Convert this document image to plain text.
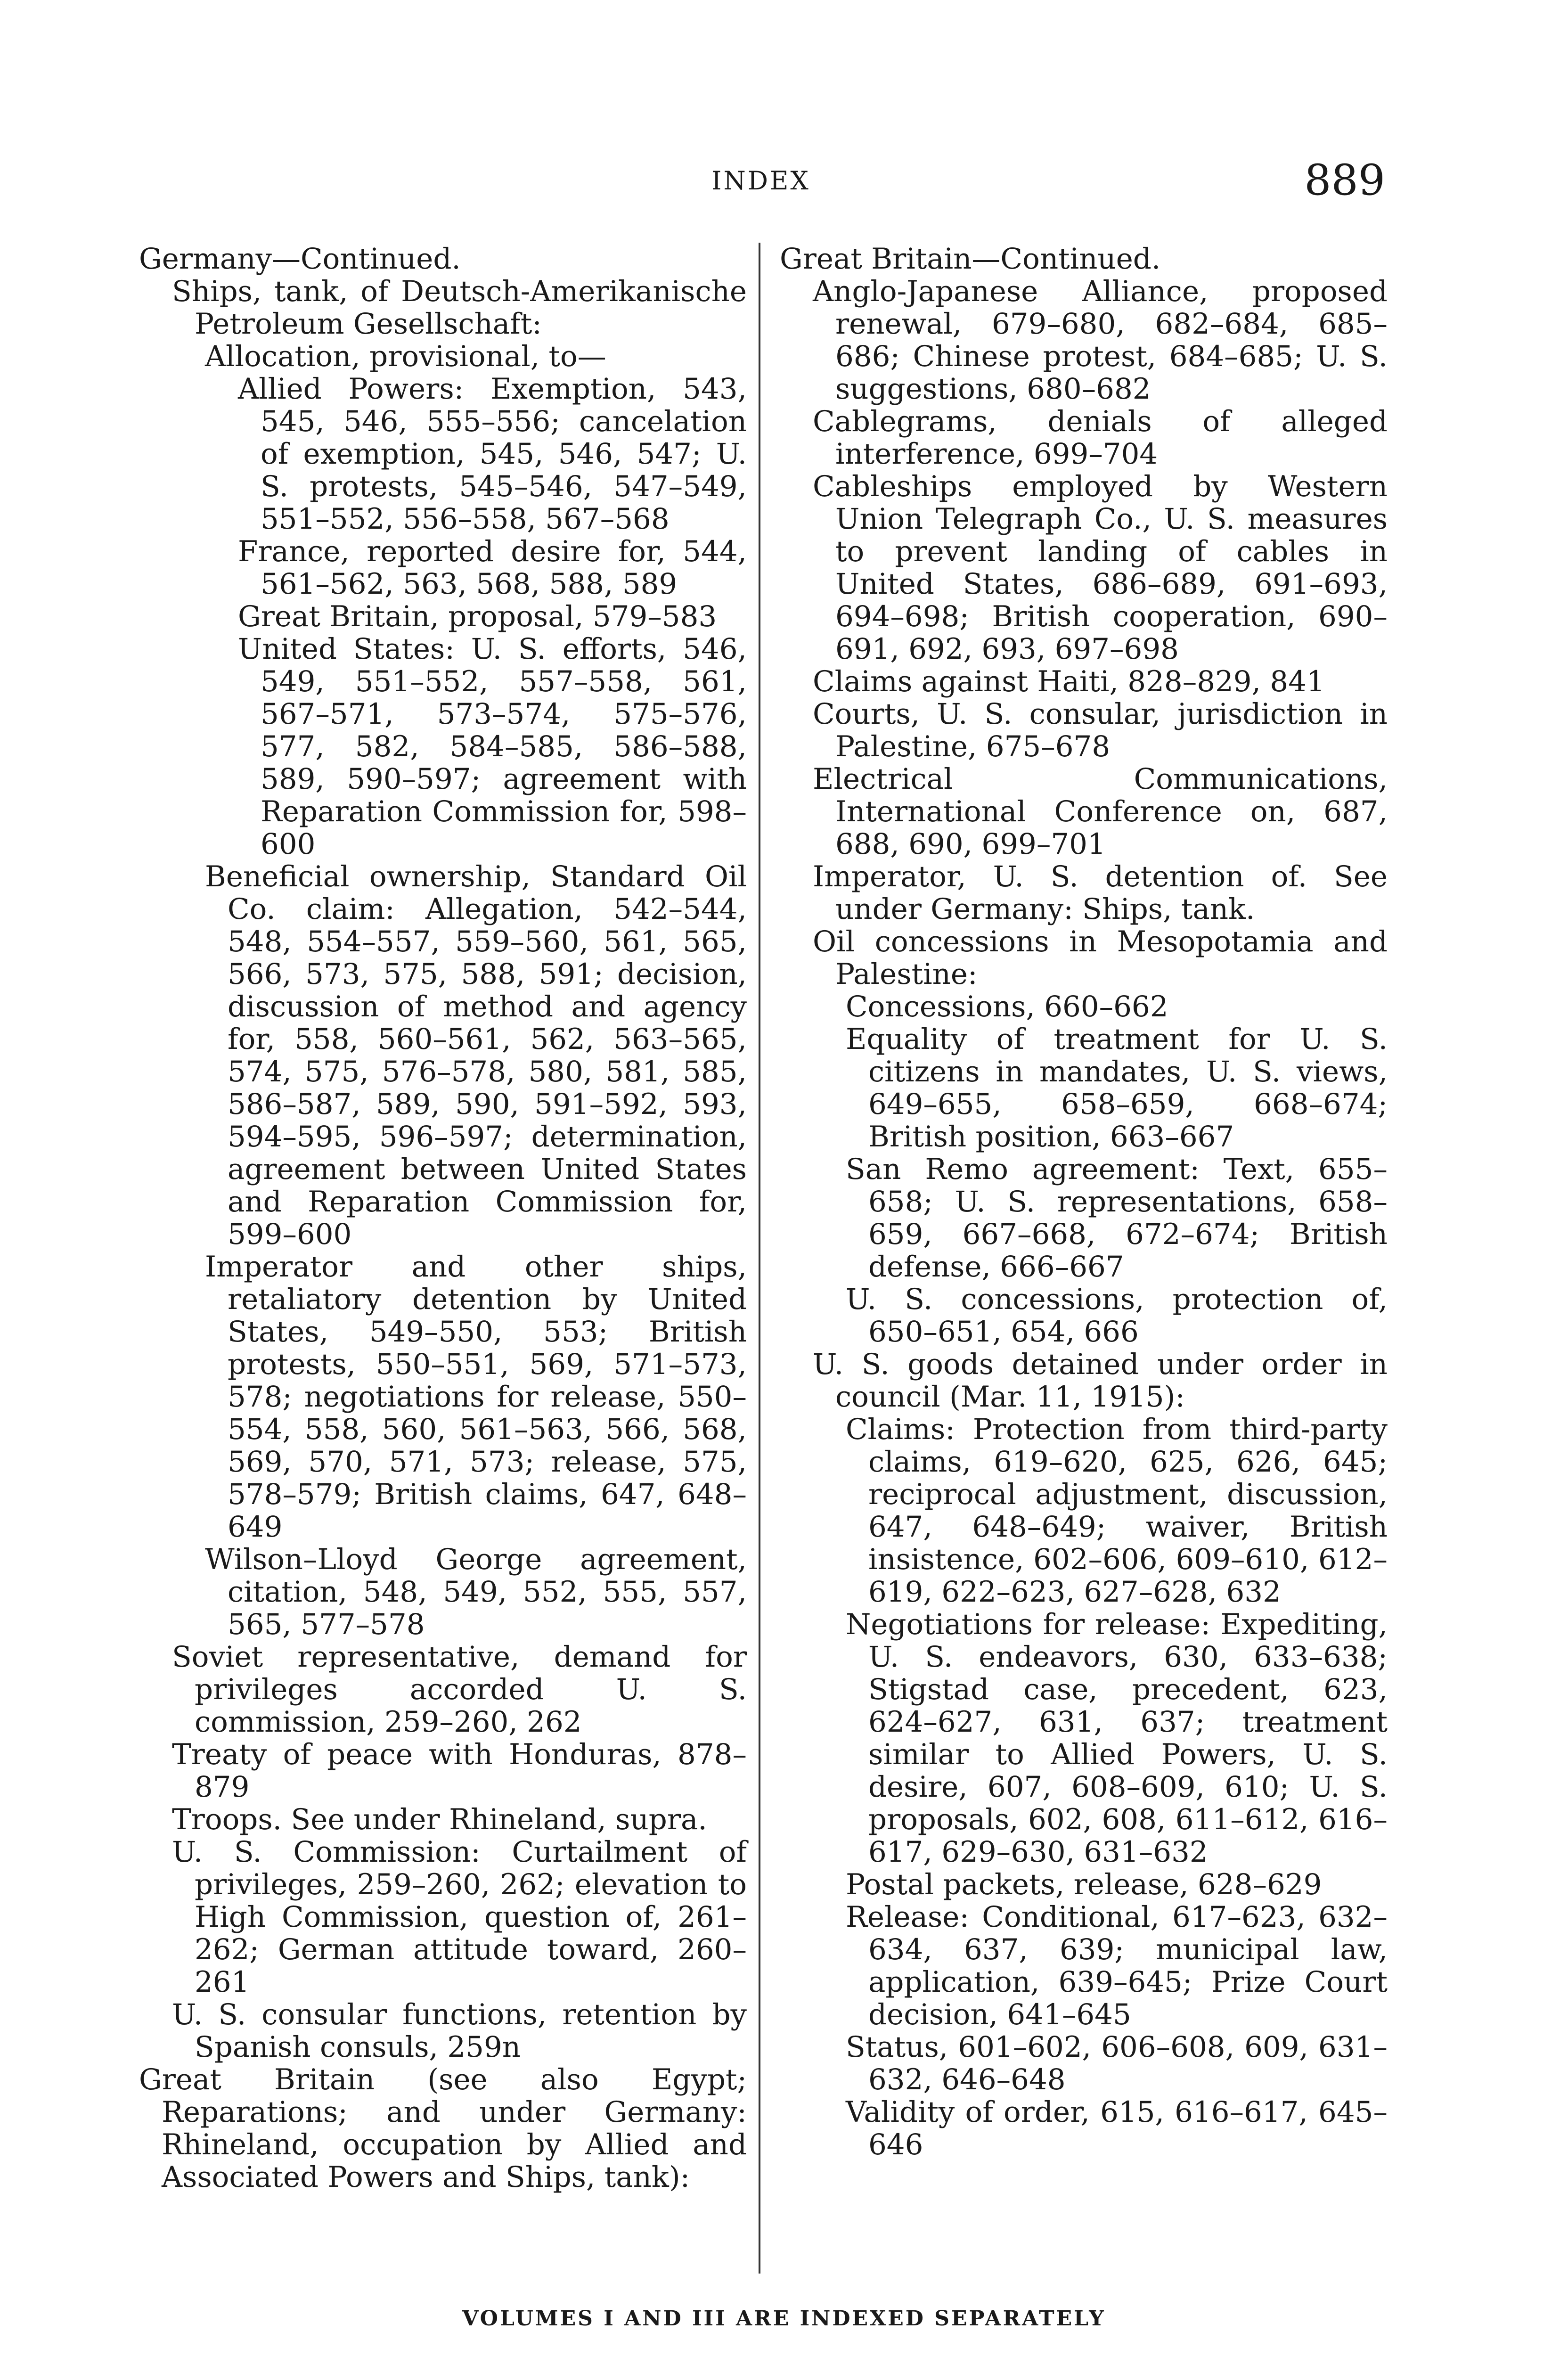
INDEX	889

Germany—Continued.

Ships, tank, of Deutsch-Amerikanische Petroleum Gesellschaft:

Allocation, provisional, to—

Allied Powers: Exemption, 543, 545, 546, 555–556; cancelation of exemption, 545, 546, 547; U. S. protests, 545–546, 547–549, 551–552, 556–558, 567–568

France, reported desire for, 544, 561–562, 563, 568, 588, 589

Great Britain, proposal, 579–583

United States: U. S. efforts, 546, 549, 551–552, 557–558, 561, 567–571, 573–574, 575–576, 577, 582, 584–585, 586–588, 589, 590–597; agreement with Reparation Commission for, 598–600

Beneficial ownership, Standard Oil Co. claim: Allegation, 542–544, 548, 554–557, 559–560, 561, 565, 566, 573, 575, 588, 591; decision, discussion of method and agency for, 558, 560–561, 562, 563–565, 574, 575, 576–578, 580, 581, 585, 586–587, 589, 590, 591–592, 593, 594–595, 596–597; determination, agreement between United States and Reparation Commission for, 599–600

Imperator and other ships, retaliatory detention by United States, 549–550, 553; British protests, 550–551, 569, 571–573, 578; negotiations for release, 550–554, 558, 560, 561–563, 566, 568, 569, 570, 571, 573; release, 575, 578–579; British claims, 647, 648–649

Wilson–Lloyd George agreement, citation, 548, 549, 552, 555, 557, 565, 577–578

Soviet representative, demand for privileges accorded U. S. commission, 259–260, 262

Treaty of peace with Honduras, 878–879

Troops. See under Rhineland, supra.

U. S. Commission: Curtailment of privileges, 259–260, 262; elevation to High Commission, question of, 261–262; German attitude toward, 260–261

U. S. consular functions, retention by Spanish consuls, 259n

Great Britain (see also Egypt; Reparations; and under Germany: Rhineland, occupation by Allied and Associated Powers and Ships, tank):

Great Britain—Continued.

Anglo-Japanese Alliance, proposed renewal, 679–680, 682–684, 685–686; Chinese protest, 684–685; U. S. suggestions, 680–682

Cablegrams, denials of alleged interference, 699–704

Cableships employed by Western Union Telegraph Co., U. S. measures to prevent landing of cables in United States, 686–689, 691–693, 694–698; British cooperation, 690–691, 692, 693, 697–698

Claims against Haiti, 828–829, 841

Courts, U. S. consular, jurisdiction in Palestine, 675–678

Electrical Communications, International Conference on, 687, 688, 690, 699–701

Imperator, U. S. detention of. See under Germany: Ships, tank.

Oil concessions in Mesopotamia and Palestine:

Concessions, 660–662

Equality of treatment for U. S. citizens in mandates, U. S. views, 649–655, 658–659, 668–674; British position, 663–667

San Remo agreement: Text, 655–658; U. S. representations, 658–659, 667–668, 672–674; British defense, 666–667

U. S. concessions, protection of, 650–651, 654, 666

U. S. goods detained under order in council (Mar. 11, 1915):

Claims: Protection from third-party claims, 619–620, 625, 626, 645; reciprocal adjustment, discussion, 647, 648–649; waiver, British insistence, 602–606, 609–610, 612–619, 622–623, 627–628, 632

Negotiations for release: Expediting, U. S. endeavors, 630, 633–638; Stigstad case, precedent, 623, 624–627, 631, 637; treatment similar to Allied Powers, U. S. desire, 607, 608–609, 610; U. S. proposals, 602, 608, 611–612, 616–617, 629–630, 631–632

Postal packets, release, 628–629

Release: Conditional, 617–623, 632–634, 637, 639; municipal law, application, 639–645; Prize Court decision, 641–645

Status, 601–602, 606–608, 609, 631–632, 646–648

Validity of order, 615, 616–617, 645–646

VOLUMES I AND III ARE INDEXED SEPARATELY
